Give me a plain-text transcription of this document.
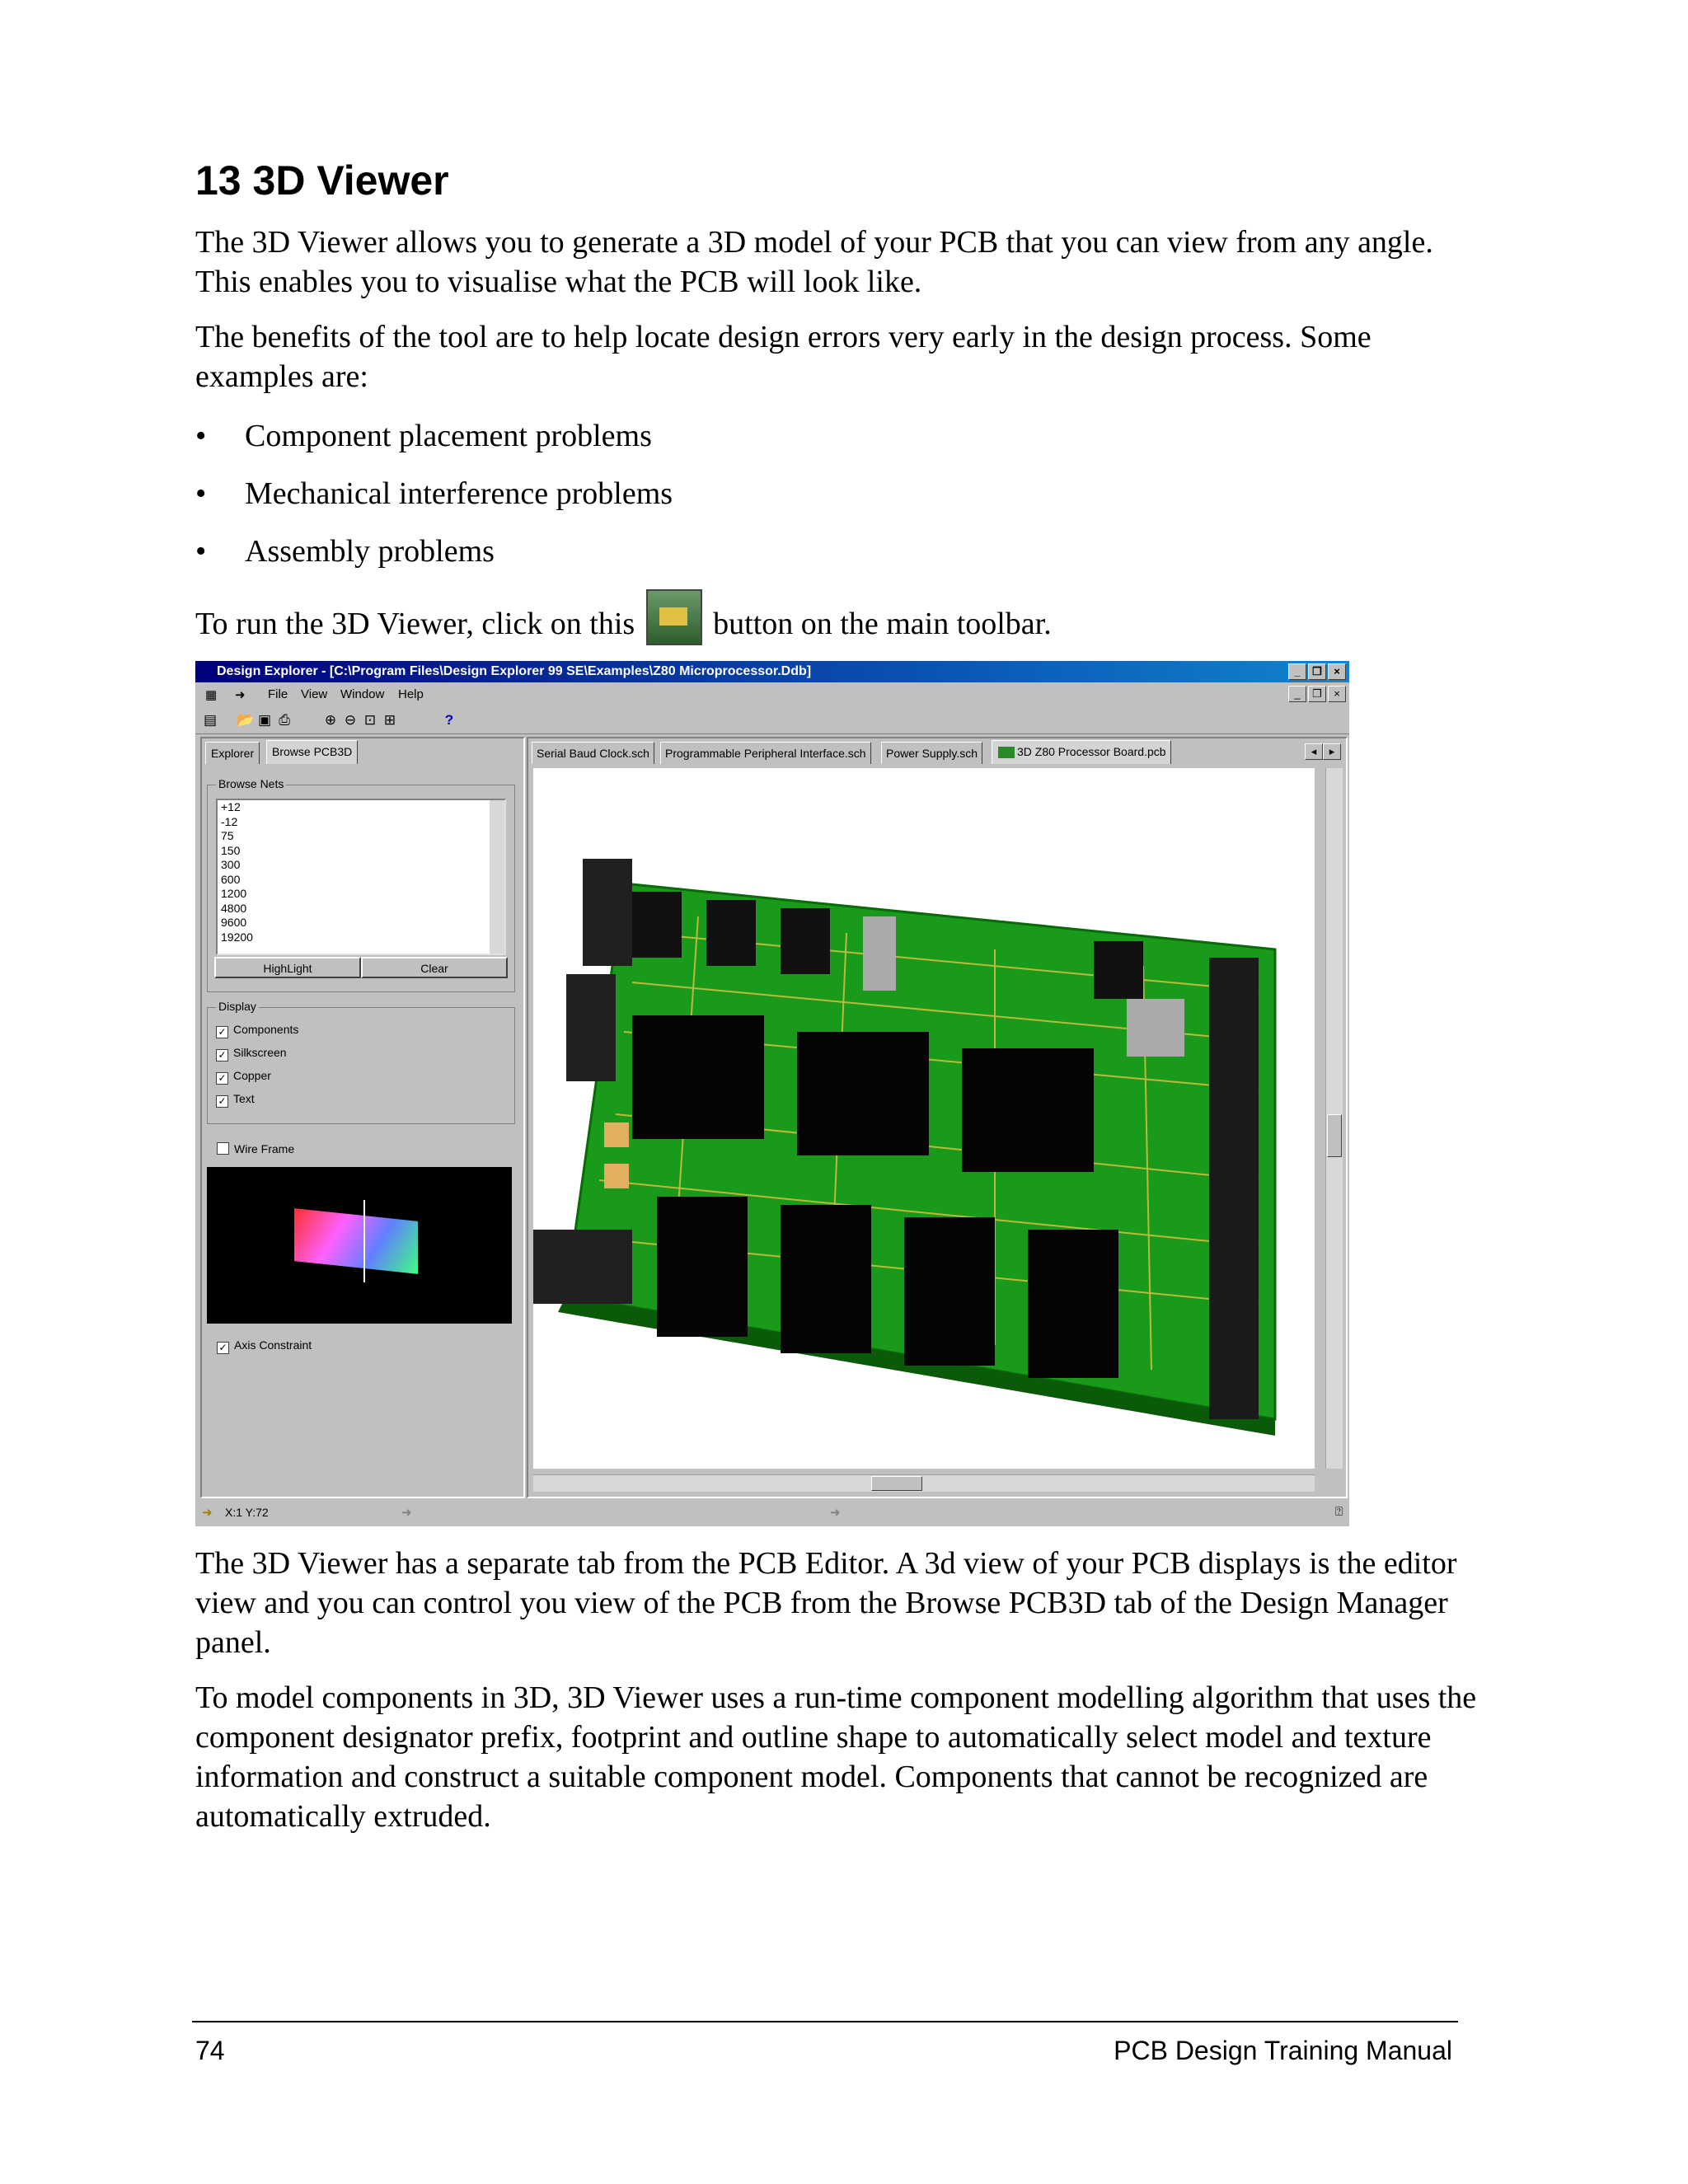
13 3D Viewer

The 3D Viewer allows you to generate a 3D model of your PCB that you can view from any angle. This enables you to visualise what the PCB will look like.

The benefits of the tool are to help locate design errors very early in the design process. Some examples are:

•	Component placement problems
•	Mechanical interference problems
•	Assembly problems

To run the 3D Viewer, click on this	button on the main toolbar.

Design Explorer - [C:\Program Files\Design Explorer 99 SE\Examples\Z80 Microprocessor.Ddb]	_	❐	×
▦ ➜ File View Window Help	_	❐	×
▤ 📂 ▣ ⎙ ⊕ ⊖ ⊡ ⊞	?
Explorer	Browse PCB3D
Browse Nets
+12
-12
75
150
300
600
1200
4800
9600
19200
HighLight	Clear
Display
✓ Components
✓ Silkscreen
✓ Copper
✓ Text
Wire Frame
✓ Axis Constraint
Serial Baud Clock.sch	Programmable Peripheral Interface.sch	Power Supply.sch	3D Z80 Processor Board.pcb	◂	▸
➜ X:1 Y:72	➜	➜	⍰

The 3D Viewer has a separate tab from the PCB Editor. A 3d view of your PCB displays is the editor view and you can control you view of the PCB from the Browse PCB3D tab of the Design Manager panel.

To model components in 3D, 3D Viewer uses a run-time component modelling algorithm that uses the component designator prefix, footprint and outline shape to automatically select model and texture information and construct a suitable component model. Components that cannot be recognized are automatically extruded.

74	PCB Design Training Manual
